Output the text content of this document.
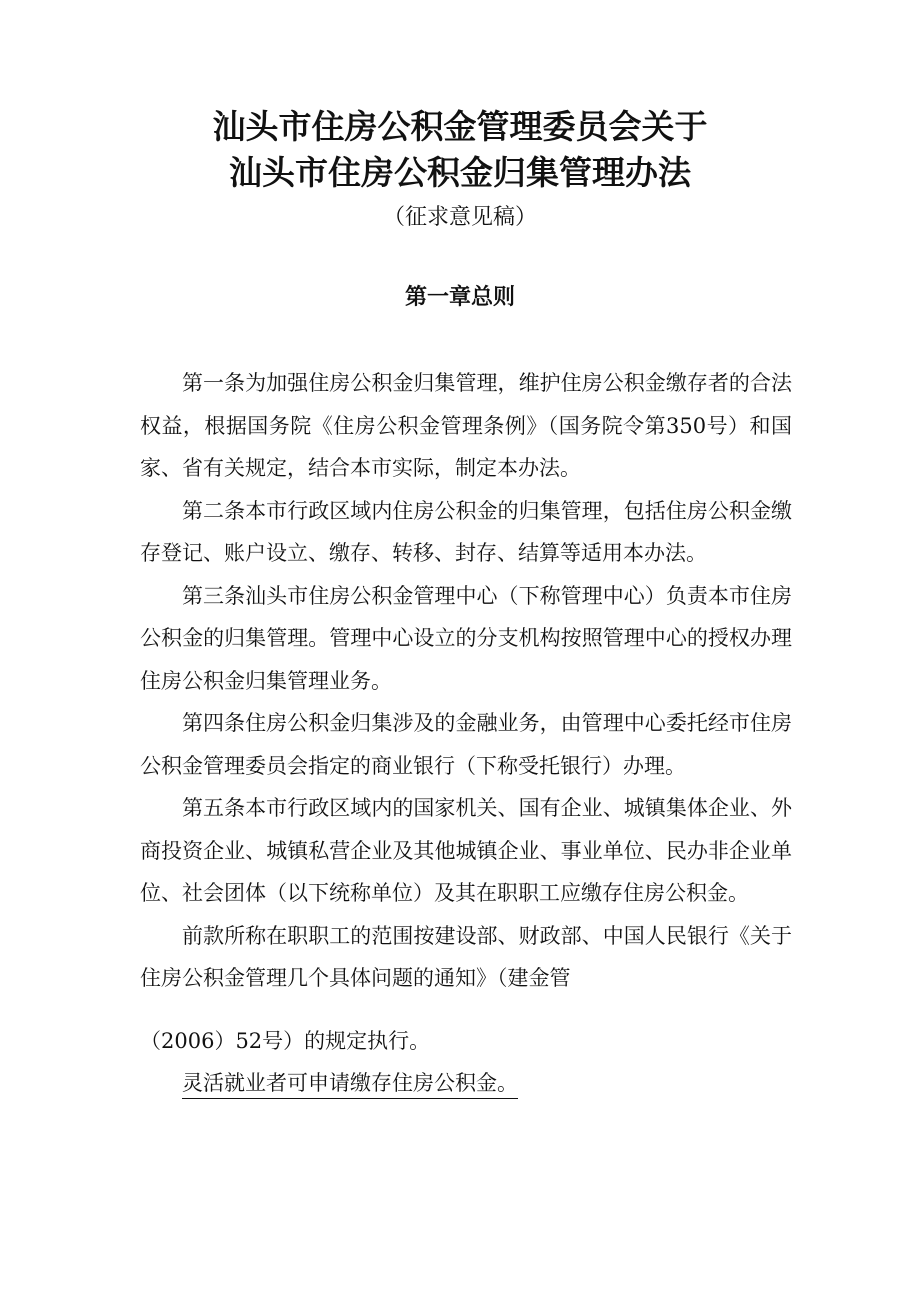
汕头市住房公积金管理委员会关于
汕头市住房公积金归集管理办法
（征求意见稿）
第一章总则

第一条为加强住房公积金归集管理，维护住房公积金缴存者的合法权益，根据国务院《住房公积金管理条例》（国务院令第350号）和国家、省有关规定，结合本市实际，制定本办法。

第二条本市行政区域内住房公积金的归集管理，包括住房公积金缴存登记、账户设立、缴存、转移、封存、结算等适用本办法。

第三条汕头市住房公积金管理中心（下称管理中心）负责本市住房公积金的归集管理。管理中心设立的分支机构按照管理中心的授权办理住房公积金归集管理业务。

第四条住房公积金归集涉及的金融业务，由管理中心委托经市住房公积金管理委员会指定的商业银行（下称受托银行）办理。

第五条本市行政区域内的国家机关、国有企业、城镇集体企业、外商投资企业、城镇私营企业及其他城镇企业、事业单位、民办非企业单位、社会团体（以下统称单位）及其在职职工应缴存住房公积金。

前款所称在职职工的范围按建设部、财政部、中国人民银行《关于住房公积金管理几个具体问题的通知》（建金管

（2006）52号）的规定执行。

灵活就业者可申请缴存住房公积金。
